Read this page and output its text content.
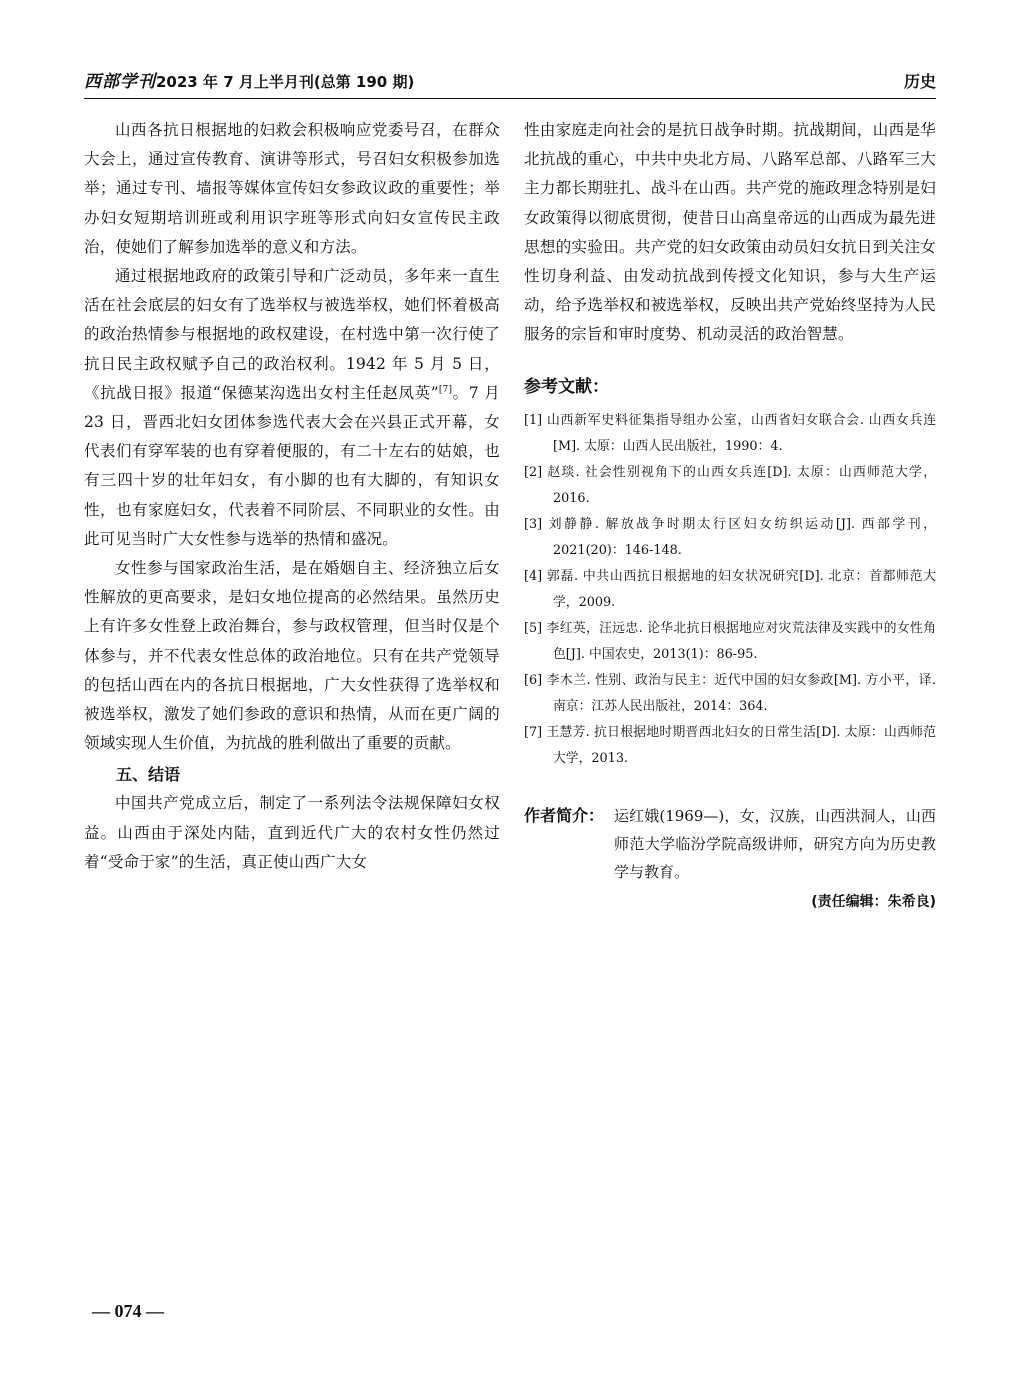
西部学刊2023 年 7 月上半月刊(总第 190 期)	历史

山西各抗日根据地的妇救会积极响应党委号召，在群众大会上，通过宣传教育、演讲等形式，号召妇女积极参加选举；通过专刊、墙报等媒体宣传妇女参政议政的重要性；举办妇女短期培训班或利用识字班等形式向妇女宣传民主政治，使她们了解参加选举的意义和方法。

通过根据地政府的政策引导和广泛动员，多年来一直生活在社会底层的妇女有了选举权与被选举权，她们怀着极高的政治热情参与根据地的政权建设，在村选中第一次行使了抗日民主政权赋予自己的政治权利。1942 年 5 月 5 日，《抗战日报》报道“保德某沟选出女村主任赵凤英”[7]。7 月 23 日，晋西北妇女团体参选代表大会在兴县正式开幕，女代表们有穿军装的也有穿着便服的，有二十左右的姑娘，也有三四十岁的壮年妇女，有小脚的也有大脚的，有知识女性，也有家庭妇女，代表着不同阶层、不同职业的女性。由此可见当时广大女性参与选举的热情和盛况。

女性参与国家政治生活，是在婚姻自主、经济独立后女性解放的更高要求，是妇女地位提高的必然结果。虽然历史上有许多女性登上政治舞台，参与政权管理，但当时仅是个体参与，并不代表女性总体的政治地位。只有在共产党领导的包括山西在内的各抗日根据地，广大女性获得了选举权和被选举权，激发了她们参政的意识和热情，从而在更广阔的领域实现人生价值，为抗战的胜利做出了重要的贡献。

五、结语

中国共产党成立后，制定了一系列法令法规保障妇女权益。山西由于深处内陆，直到近代广大的农村女性仍然过着“受命于家”的生活，真正使山西广大女

性由家庭走向社会的是抗日战争时期。抗战期间，山西是华北抗战的重心，中共中央北方局、八路军总部、八路军三大主力都长期驻扎、战斗在山西。共产党的施政理念特别是妇女政策得以彻底贯彻，使昔日山高皇帝远的山西成为最先进思想的实验田。共产党的妇女政策由动员妇女抗日到关注女性切身利益、由发动抗战到传授文化知识，参与大生产运动，给予选举权和被选举权，反映出共产党始终坚持为人民服务的宗旨和审时度势、机动灵活的政治智慧。

参考文献：
[1] 山西新军史料征集指导组办公室，山西省妇女联合会. 山西女兵连[M]. 太原：山西人民出版社，1990：4.
[2] 赵琰. 社会性别视角下的山西女兵连[D]. 太原：山西师范大学，2016.
[3] 刘静静. 解放战争时期太行区妇女纺织运动[J]. 西部学刊，2021(20)：146-148.
[4] 郭磊. 中共山西抗日根据地的妇女状况研究[D]. 北京：首都师范大学，2009.
[5] 李红英，汪远忠. 论华北抗日根据地应对灾荒法律及实践中的女性角色[J]. 中国农史，2013(1)：86-95.
[6] 李木兰. 性别、政治与民主：近代中国的妇女参政[M]. 方小平，译. 南京：江苏人民出版社，2014：364.
[7] 王慧芳. 抗日根据地时期晋西北妇女的日常生活[D]. 太原：山西师范大学，2013.
作者简介： 运红娥(1969—)，女，汉族，山西洪洞人，山西师范大学临汾学院高级讲师，研究方向为历史教学与教育。
(责任编辑：朱希良)
— 074 —
